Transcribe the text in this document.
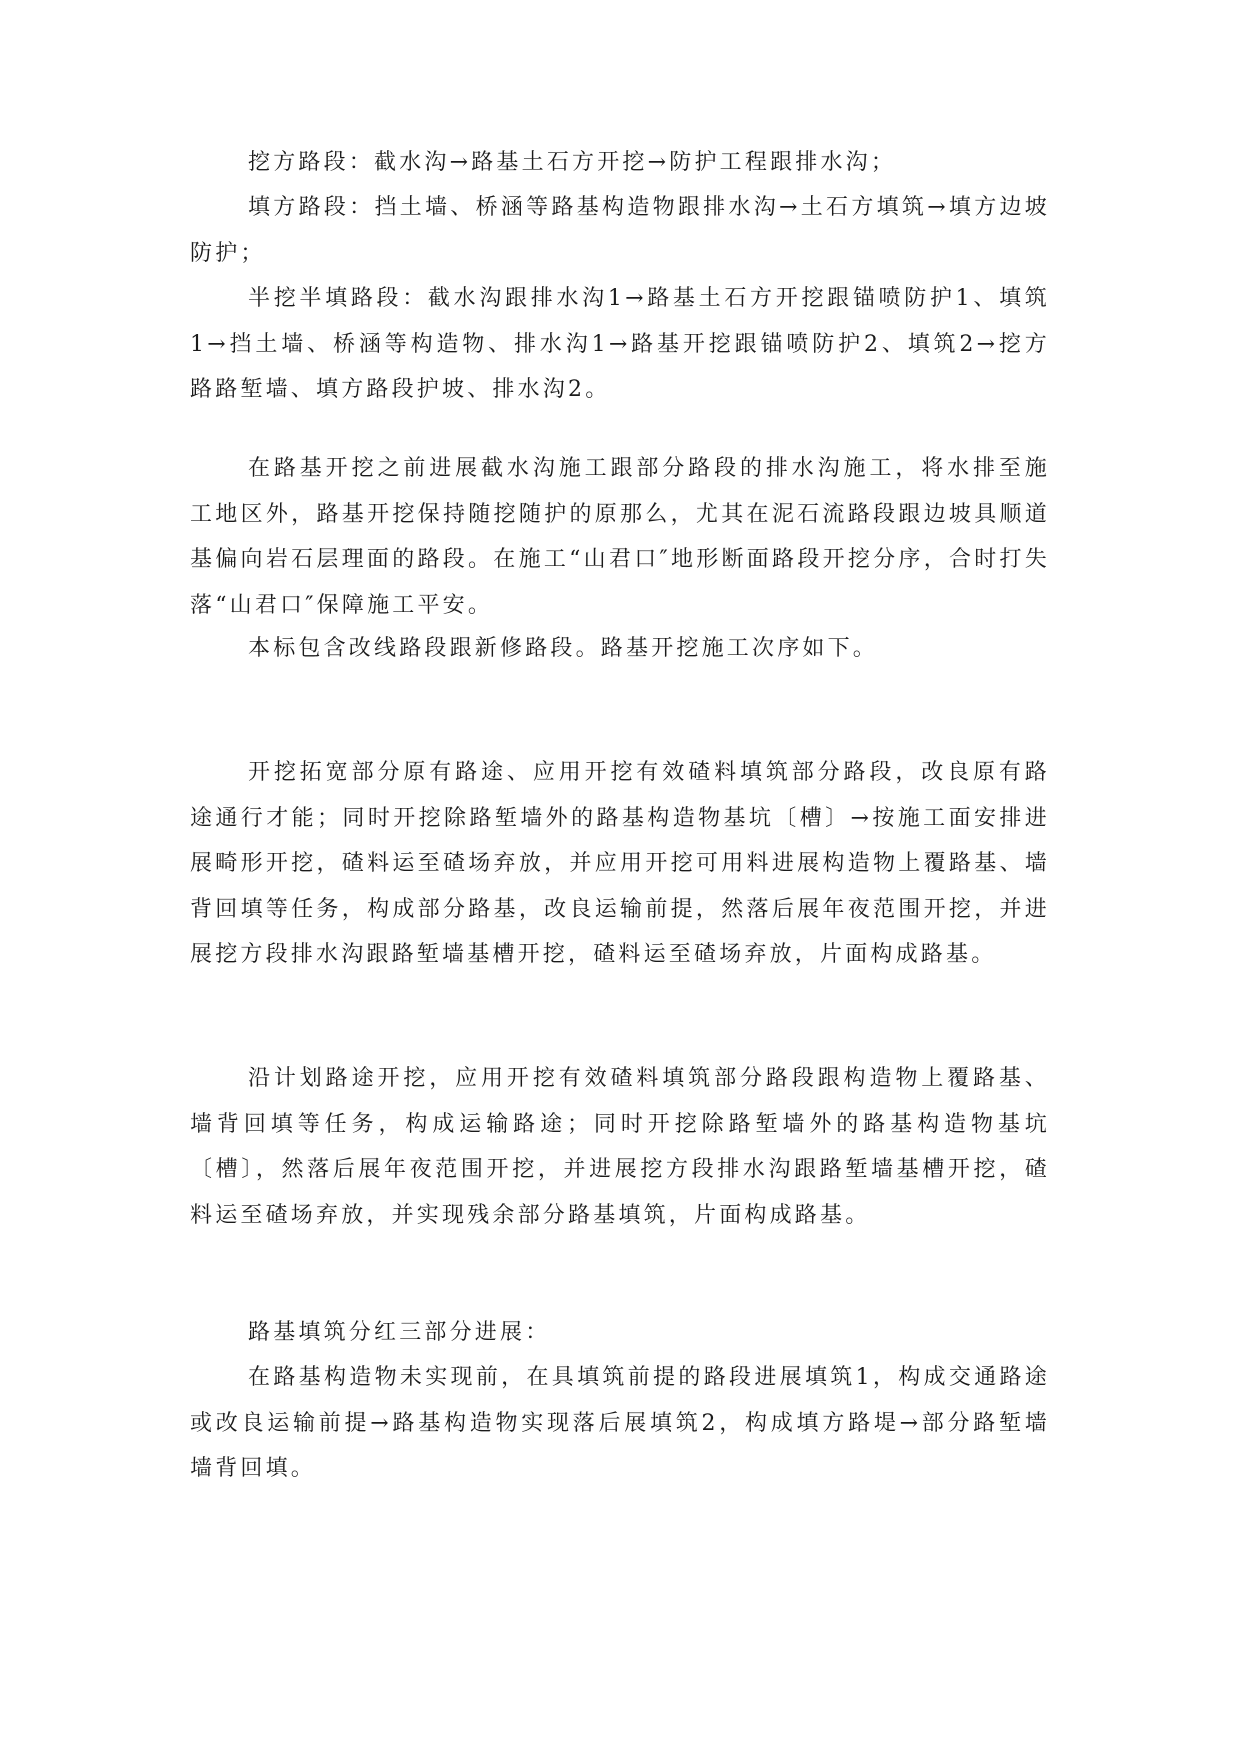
挖方路段：截水沟→路基土石方开挖→防护工程跟排水沟；

填方路段：挡土墙、桥涵等路基构造物跟排水沟→土石方填筑→填方边坡防护；

半挖半填路段：截水沟跟排水沟1→路基土石方开挖跟锚喷防护1、填筑1→挡土墙、桥涵等构造物、排水沟1→路基开挖跟锚喷防护2、填筑2→挖方路路堑墙、填方路段护坡、排水沟2。

在路基开挖之前进展截水沟施工跟部分路段的排水沟施工，将水排至施工地区外，路基开挖保持随挖随护的原那么，尤其在泥石流路段跟边坡具顺道基偏向岩石层理面的路段。在施工“山君口″地形断面路段开挖分序，合时打失落“山君口″保障施工平安。

本标包含改线路段跟新修路段。路基开挖施工次序如下。

开挖拓宽部分原有路途、应用开挖有效碴料填筑部分路段，改良原有路途通行才能；同时开挖除路堑墙外的路基构造物基坑〔槽〕→按施工面安排进展畸形开挖，碴料运至碴场弃放，并应用开挖可用料进展构造物上覆路基、墙背回填等任务，构成部分路基，改良运输前提，然落后展年夜范围开挖，并进展挖方段排水沟跟路堑墙基槽开挖，碴料运至碴场弃放，片面构成路基。

沿计划路途开挖，应用开挖有效碴料填筑部分路段跟构造物上覆路基、墙背回填等任务，构成运输路途；同时开挖除路堑墙外的路基构造物基坑〔槽〕，然落后展年夜范围开挖，并进展挖方段排水沟跟路堑墙基槽开挖，碴料运至碴场弃放，并实现残余部分路基填筑，片面构成路基。

路基填筑分红三部分进展：

在路基构造物未实现前，在具填筑前提的路段进展填筑1，构成交通路途或改良运输前提→路基构造物实现落后展填筑2，构成填方路堤→部分路堑墙墙背回填。
